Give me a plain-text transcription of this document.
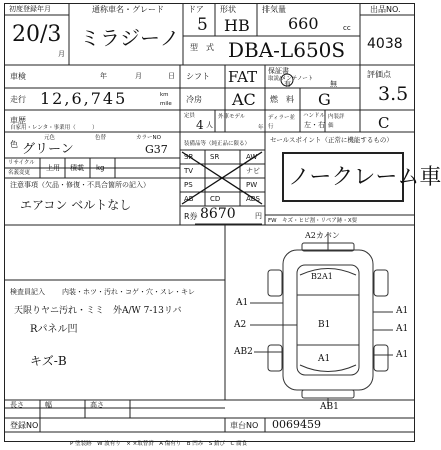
初度登録年月
20/3
月
通称車名・グレード
ミラジーノ
ドア
5
形状
HB
排気量
660	cc
型　式 DBA-L650S
出品NO.
4038
車検	年	月	日 シフト FAT 保証書
取説/メンテノート
有	無
評価点
3.5
走行 12,6,745	km
mile 冷房 AC 燃　料 G
車歴
自家用・レンタ・事業用（　　　）
定員
4 人
外車モデル
年
ディラー並行
ハンドル
左・右
内装評価	C
色 グリーン
元色	色替	カラーNO
G37
リサイクル
名義変更
上用 積載 kg
装備品等（純正品に限る）
SR	AW
TV	ナビ
PS	PW
AB	ABS
SR
CD
R券 8670	円
注意事項（欠品・修復・不具合箇所の記入）
エアコン ベルトなし
セールスポイント（正常に機能するもの）
ノークレーム車
FW　キズ・ヒビ割・リペア跡・X要
検査員記入 内装・ホツ・汚れ・コゲ・穴・スレ・キレ
天限りヤニ汚れ・ミミ　外A/W 7-13リバ
Rパネル凹
キズ-B
A2カバン
B2A1
A1
A1
A2	B1
AB2
A1
A1
A1
AB1
長さ	幅	高さ
登録NO	車台NO 0069459
P 塗装跡　W 波有り　× ×取替済　A 傷有り　B 凹み　S 錆び　C 腐食
